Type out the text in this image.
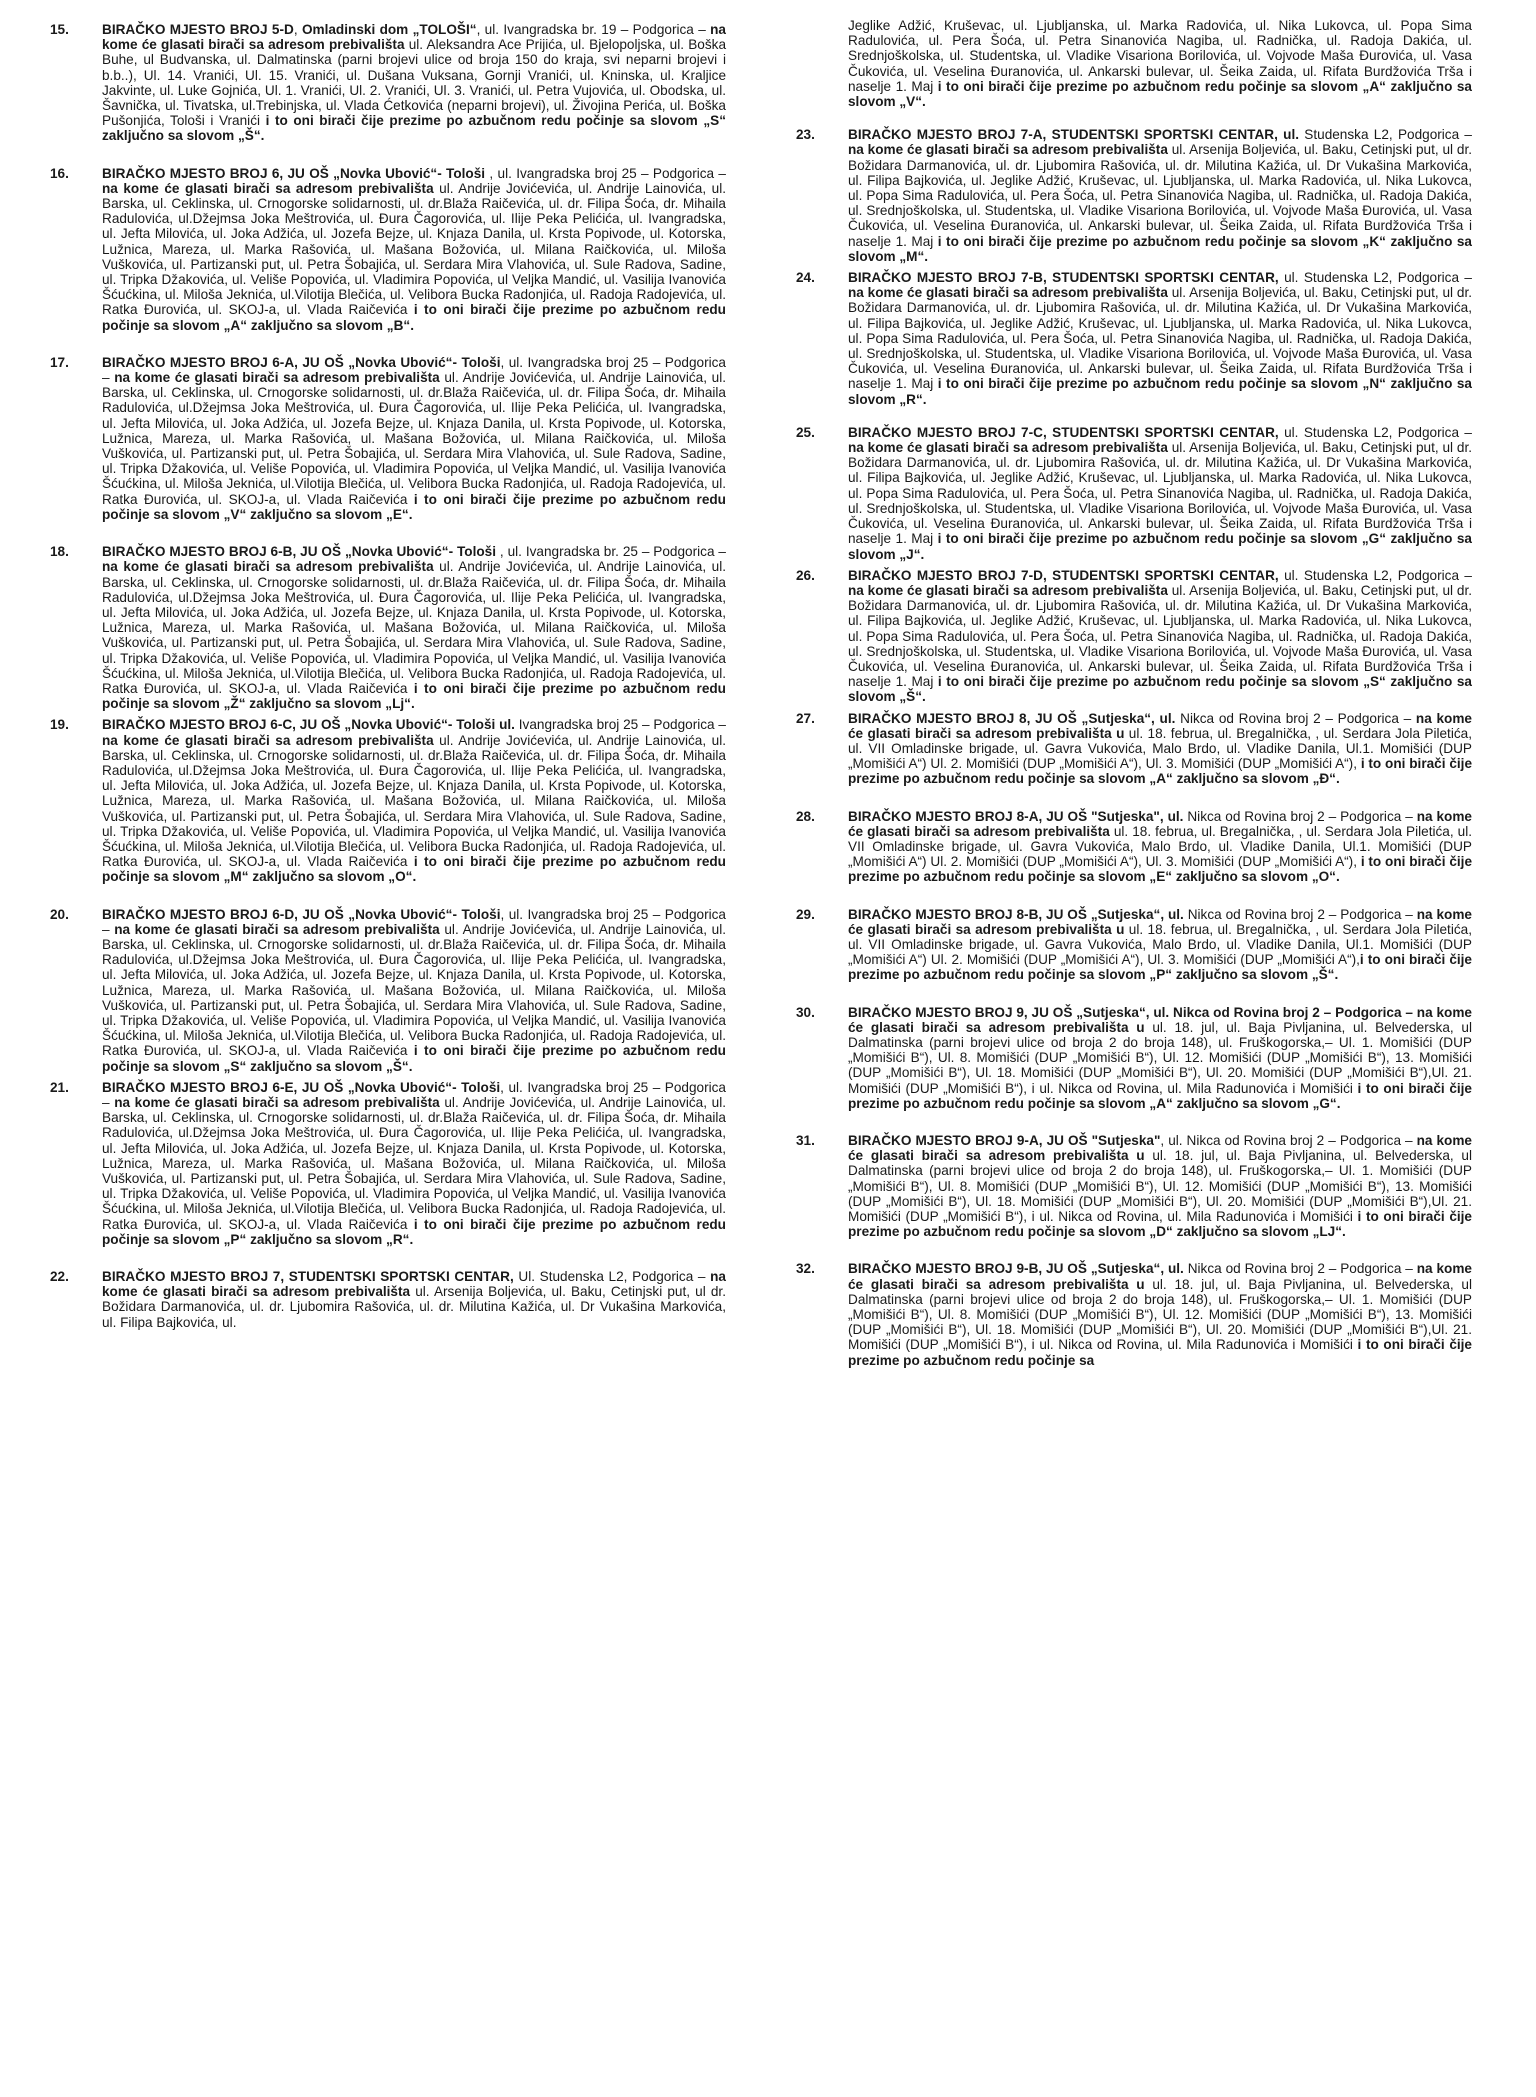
15.	BIRAČKO MJESTO BROJ 5-D, Omladinski dom „TOLOŠI“, ul. Ivangradska br. 19 – Podgorica – na kome će glasati birači sa adresom prebivališta ul. Aleksandra Ace Prijića, ul. Bjelopoljska, ul. Boška Buhe, ul Budvanska, ul. Dalmatinska (parni brojevi ulice od broja 150 do kraja, svi neparni brojevi i b.b..), Ul. 14. Vranići, Ul. 15. Vranići, ul. Dušana Vuksana, Gornji Vranići, ul. Kninska, ul. Kraljice Jakvinte, ul. Luke Gojnića, Ul. 1. Vranići, Ul. 2. Vranići, Ul. 3. Vranići, ul. Petra Vujovića, ul. Obodska, ul. Šavnička, ul. Tivatska, ul.Trebinjska, ul. Vlada Ćetkovića (neparni brojevi), ul. Živojina Perića, ul. Boška Pušonjića, Tološi i Vranići i to oni birači čije prezime po azbučnom redu počinje sa slovom „S“ zaključno sa slovom „Š“.
16.	BIRAČKO MJESTO BROJ 6, JU OŠ „Novka Ubović“- Tološi , ul. Ivangradska broj 25 – Podgorica – na kome će glasati birači sa adresom prebivališta ul. Andrije Jovićevića, ul. Andrije Lainovića, ul. Barska, ul. Ceklinska, ul. Crnogorske solidarnosti, ul. dr.Blaža Raičevića, ul. dr. Filipa Šoća, dr. Mihaila Radulovića, ul.Džejmsa Joka Meštrovića, ul. Đura Čagorovića, ul. Ilije Peka Pelićića, ul. Ivangradska, ul. Jefta Milovića, ul. Joka Adžića, ul. Jozefa Bejze, ul. Knjaza Danila, ul. Krsta Popivode, ul. Kotorska, Lužnica, Mareza, ul. Marka Rašovića, ul. Mašana Božovića, ul. Milana Raičkovića, ul. Miloša Vuškovića, ul. Partizanski put, ul. Petra Šobajića, ul. Serdara Mira Vlahovića, ul. Sule Radova, Sadine, ul. Tripka Džakovića, ul. Veliše Popovića, ul. Vladimira Popovića, ul Veljka Mandić, ul. Vasilija Ivanovića Šćućkina, ul. Miloša Jeknića, ul.Vilotija Blečića, ul. Velibora Bucka Radonjića, ul. Radoja Radojevića, ul. Ratka Đurovića, ul. SKOJ-a, ul. Vlada Raičevića i to oni birači čije prezime po azbučnom redu počinje sa slovom „A“ zaključno sa slovom „B“.
17.	BIRAČKO MJESTO BROJ 6-A, JU OŠ „Novka Ubović“- Tološi, ul. Ivangradska broj 25 – Podgorica – na kome će glasati birači sa adresom prebivališta ul. Andrije Jovićevića, ul. Andrije Lainovića, ul. Barska, ul. Ceklinska, ul. Crnogorske solidarnosti, ul. dr.Blaža Raičevića, ul. dr. Filipa Šoća, dr. Mihaila Radulovića, ul.Džejmsa Joka Meštrovića, ul. Đura Čagorovića, ul. Ilije Peka Pelićića, ul. Ivangradska, ul. Jefta Milovića, ul. Joka Adžića, ul. Jozefa Bejze, ul. Knjaza Danila, ul. Krsta Popivode, ul. Kotorska, Lužnica, Mareza, ul. Marka Rašovića, ul. Mašana Božovića, ul. Milana Raičkovića, ul. Miloša Vuškovića, ul. Partizanski put, ul. Petra Šobajića, ul. Serdara Mira Vlahovića, ul. Sule Radova, Sadine, ul. Tripka Džakovića, ul. Veliše Popovića, ul. Vladimira Popovića, ul Veljka Mandić, ul. Vasilija Ivanovića Šćućkina, ul. Miloša Jeknića, ul.Vilotija Blečića, ul. Velibora Bucka Radonjića, ul. Radoja Radojevića, ul. Ratka Đurovića, ul. SKOJ-a, ul. Vlada Raičevića i to oni birači čije prezime po azbučnom redu počinje sa slovom „V“ zaključno sa slovom „E“.
18.	BIRAČKO MJESTO BROJ 6-B, JU OŠ „Novka Ubović“- Tološi , ul. Ivangradska br. 25 – Podgorica – na kome će glasati birači sa adresom prebivališta ul. Andrije Jovićevića, ul. Andrije Lainovića, ul. Barska, ul. Ceklinska, ul. Crnogorske solidarnosti, ul. dr.Blaža Raičevića, ul. dr. Filipa Šoća, dr. Mihaila Radulovića, ul.Džejmsa Joka Meštrovića, ul. Đura Čagorovića, ul. Ilije Peka Pelićića, ul. Ivangradska, ul. Jefta Milovića, ul. Joka Adžića, ul. Jozefa Bejze, ul. Knjaza Danila, ul. Krsta Popivode, ul. Kotorska, Lužnica, Mareza, ul. Marka Rašovića, ul. Mašana Božovića, ul. Milana Raičkovića, ul. Miloša Vuškovića, ul. Partizanski put, ul. Petra Šobajića, ul. Serdara Mira Vlahovića, ul. Sule Radova, Sadine, ul. Tripka Džakovića, ul. Veliše Popovića, ul. Vladimira Popovića, ul Veljka Mandić, ul. Vasilija Ivanovića Šćućkina, ul. Miloša Jeknića, ul.Vilotija Blečića, ul. Velibora Bucka Radonjića, ul. Radoja Radojevića, ul. Ratka Đurovića, ul. SKOJ-a, ul. Vlada Raičevića i to oni birači čije prezime po azbučnom redu počinje sa slovom „Ž“ zaključno sa slovom „Lj“.
19.	BIRAČKO MJESTO BROJ 6-C, JU OŠ „Novka Ubović“- Tološi ul. Ivangradska broj 25 – Podgorica – na kome će glasati birači sa adresom prebivališta ul. Andrije Jovićevića, ul. Andrije Lainovića, ul. Barska, ul. Ceklinska, ul. Crnogorske solidarnosti, ul. dr.Blaža Raičevića, ul. dr. Filipa Šoća, dr. Mihaila Radulovića, ul.Džejmsa Joka Meštrovića, ul. Đura Čagorovića, ul. Ilije Peka Pelićića, ul. Ivangradska, ul. Jefta Milovića, ul. Joka Adžića, ul. Jozefa Bejze, ul. Knjaza Danila, ul. Krsta Popivode, ul. Kotorska, Lužnica, Mareza, ul. Marka Rašovića, ul. Mašana Božovića, ul. Milana Raičkovića, ul. Miloša Vuškovića, ul. Partizanski put, ul. Petra Šobajića, ul. Serdara Mira Vlahovića, ul. Sule Radova, Sadine, ul. Tripka Džakovića, ul. Veliše Popovića, ul. Vladimira Popovića, ul Veljka Mandić, ul. Vasilija Ivanovića Šćućkina, ul. Miloša Jeknića, ul.Vilotija Blečića, ul. Velibora Bucka Radonjića, ul. Radoja Radojevića, ul. Ratka Đurovića, ul. SKOJ-a, ul. Vlada Raičevića i to oni birači čije prezime po azbučnom redu počinje sa slovom „M“ zaključno sa slovom „O“.
20.	BIRAČKO MJESTO BROJ 6-D, JU OŠ „Novka Ubović“- Tološi, ul. Ivangradska broj 25 – Podgorica – na kome će glasati birači sa adresom prebivališta ul. Andrije Jovićevića, ul. Andrije Lainovića, ul. Barska, ul. Ceklinska, ul. Crnogorske solidarnosti, ul. dr.Blaža Raičevića, ul. dr. Filipa Šoća, dr. Mihaila Radulovića, ul.Džejmsa Joka Meštrovića, ul. Đura Čagorovića, ul. Ilije Peka Pelićića, ul. Ivangradska, ul. Jefta Milovića, ul. Joka Adžića, ul. Jozefa Bejze, ul. Knjaza Danila, ul. Krsta Popivode, ul. Kotorska, Lužnica, Mareza, ul. Marka Rašovića, ul. Mašana Božovića, ul. Milana Raičkovića, ul. Miloša Vuškovića, ul. Partizanski put, ul. Petra Šobajića, ul. Serdara Mira Vlahovića, ul. Sule Radova, Sadine, ul. Tripka Džakovića, ul. Veliše Popovića, ul. Vladimira Popovića, ul Veljka Mandić, ul. Vasilija Ivanovića Šćućkina, ul. Miloša Jeknića, ul.Vilotija Blečića, ul. Velibora Bucka Radonjića, ul. Radoja Radojevića, ul. Ratka Đurovića, ul. SKOJ-a, ul. Vlada Raičevića i to oni birači čije prezime po azbučnom redu počinje sa slovom „S“ zaključno sa slovom „Š“.
21.	BIRAČKO MJESTO BROJ 6-E, JU OŠ „Novka Ubović“- Tološi, ul. Ivangradska broj 25 – Podgorica – na kome će glasati birači sa adresom prebivališta ul. Andrije Jovićevića, ul. Andrije Lainovića, ul. Barska, ul. Ceklinska, ul. Crnogorske solidarnosti, ul. dr.Blaža Raičevića, ul. dr. Filipa Šoća, dr. Mihaila Radulovića, ul.Džejmsa Joka Meštrovića, ul. Đura Čagorovića, ul. Ilije Peka Pelićića, ul. Ivangradska, ul. Jefta Milovića, ul. Joka Adžića, ul. Jozefa Bejze, ul. Knjaza Danila, ul. Krsta Popivode, ul. Kotorska, Lužnica, Mareza, ul. Marka Rašovića, ul. Mašana Božovića, ul. Milana Raičkovića, ul. Miloša Vuškovića, ul. Partizanski put, ul. Petra Šobajića, ul. Serdara Mira Vlahovića, ul. Sule Radova, Sadine, ul. Tripka Džakovića, ul. Veliše Popovića, ul. Vladimira Popovića, ul Veljka Mandić, ul. Vasilija Ivanovića Šćućkina, ul. Miloša Jeknića, ul.Vilotija Blečića, ul. Velibora Bucka Radonjića, ul. Radoja Radojevića, ul. Ratka Đurovića, ul. SKOJ-a, ul. Vlada Raičevića i to oni birači čije prezime po azbučnom redu počinje sa slovom „P“ zaključno sa slovom „R“.
22.	BIRAČKO MJESTO BROJ 7, STUDENTSKI SPORTSKI CENTAR, Ul. Studenska L2, Podgorica – na kome će glasati birači sa adresom prebivališta ul. Arsenija Boljevića, ul. Baku, Cetinjski put, ul dr. Božidara Darmanovića, ul. dr. Ljubomira Rašovića, ul. dr. Milutina Kažića, ul. Dr Vukašina Markovića, ul. Filipa Bajkovića, ul.
Jeglike Adžić, Kruševac, ul. Ljubljanska, ul. Marka Radovića, ul. Nika Lukovca, ul. Popa Sima Radulovića, ul. Pera Šoća, ul. Petra Sinanovića Nagiba, ul. Radnička, ul. Radoja Dakića, ul. Srednjoškolska, ul. Studentska, ul. Vladike Visariona Borilovića, ul. Vojvode Maša Đurovića, ul. Vasa Čukovića, ul. Veselina Đuranovića, ul. Ankarski bulevar, ul. Šeika Zaida, ul. Rifata Burdžovića Trša i naselje 1. Maj i to oni birači čije prezime po azbučnom redu počinje sa slovom „A“ zaključno sa slovom „V“.
23.	BIRAČKO MJESTO BROJ 7-A, STUDENTSKI SPORTSKI CENTAR, ul. Studenska L2, Podgorica – na kome će glasati birači sa adresom prebivališta ul. Arsenija Boljevića, ul. Baku, Cetinjski put, ul dr. Božidara Darmanovića, ul. dr. Ljubomira Rašovića, ul. dr. Milutina Kažića, ul. Dr Vukašina Markovića, ul. Filipa Bajkovića, ul. Jeglike Adžić, Kruševac, ul. Ljubljanska, ul. Marka Radovića, ul. Nika Lukovca, ul. Popa Sima Radulovića, ul. Pera Šoća, ul. Petra Sinanovića Nagiba, ul. Radnička, ul. Radoja Dakića, ul. Srednjoškolska, ul. Studentska, ul. Vladike Visariona Borilovića, ul. Vojvode Maša Đurovića, ul. Vasa Čukovića, ul. Veselina Đuranovića, ul. Ankarski bulevar, ul. Šeika Zaida, ul. Rifata Burdžovića Trša i naselje 1. Maj i to oni birači čije prezime po azbučnom redu počinje sa slovom „K“ zaključno sa slovom „M“.
24.	BIRAČKO MJESTO BROJ 7-B, STUDENTSKI SPORTSKI CENTAR, ul. Studenska L2, Podgorica – na kome će glasati birači sa adresom prebivališta ul. Arsenija Boljevića, ul. Baku, Cetinjski put, ul dr. Božidara Darmanovića, ul. dr. Ljubomira Rašovića, ul. dr. Milutina Kažića, ul. Dr Vukašina Markovića, ul. Filipa Bajkovića, ul. Jeglike Adžić, Kruševac, ul. Ljubljanska, ul. Marka Radovića, ul. Nika Lukovca, ul. Popa Sima Radulovića, ul. Pera Šoća, ul. Petra Sinanovića Nagiba, ul. Radnička, ul. Radoja Dakića, ul. Srednjoškolska, ul. Studentska, ul. Vladike Visariona Borilovića, ul. Vojvode Maša Đurovića, ul. Vasa Čukovića, ul. Veselina Đuranovića, ul. Ankarski bulevar, ul. Šeika Zaida, ul. Rifata Burdžovića Trša i naselje 1. Maj i to oni birači čije prezime po azbučnom redu počinje sa slovom „N“ zaključno sa slovom „R“.
25.	BIRAČKO MJESTO BROJ 7-C, STUDENTSKI SPORTSKI CENTAR, ul. Studenska L2, Podgorica – na kome će glasati birači sa adresom prebivališta ul. Arsenija Boljevića, ul. Baku, Cetinjski put, ul dr. Božidara Darmanovića, ul. dr. Ljubomira Rašovića, ul. dr. Milutina Kažića, ul. Dr Vukašina Markovića, ul. Filipa Bajkovića, ul. Jeglike Adžić, Kruševac, ul. Ljubljanska, ul. Marka Radovića, ul. Nika Lukovca, ul. Popa Sima Radulovića, ul. Pera Šoća, ul. Petra Sinanovića Nagiba, ul. Radnička, ul. Radoja Dakića, ul. Srednjoškolska, ul. Studentska, ul. Vladike Visariona Borilovića, ul. Vojvode Maša Đurovića, ul. Vasa Čukovića, ul. Veselina Đuranovića, ul. Ankarski bulevar, ul. Šeika Zaida, ul. Rifata Burdžovića Trša i naselje 1. Maj i to oni birači čije prezime po azbučnom redu počinje sa slovom „G“ zaključno sa slovom „J“.
26.	BIRAČKO MJESTO BROJ 7-D, STUDENTSKI SPORTSKI CENTAR, ul. Studenska L2, Podgorica – na kome će glasati birači sa adresom prebivališta ul. Arsenija Boljevića, ul. Baku, Cetinjski put, ul dr. Božidara Darmanovića, ul. dr. Ljubomira Rašovića, ul. dr. Milutina Kažića, ul. Dr Vukašina Markovića, ul. Filipa Bajkovića, ul. Jeglike Adžić, Kruševac, ul. Ljubljanska, ul. Marka Radovića, ul. Nika Lukovca, ul. Popa Sima Radulovića, ul. Pera Šoća, ul. Petra Sinanovića Nagiba, ul. Radnička, ul. Radoja Dakića, ul. Srednjoškolska, ul. Studentska, ul. Vladike Visariona Borilovića, ul. Vojvode Maša Đurovića, ul. Vasa Čukovića, ul. Veselina Đuranovića, ul. Ankarski bulevar, ul. Šeika Zaida, ul. Rifata Burdžovića Trša i naselje 1. Maj i to oni birači čije prezime po azbučnom redu počinje sa slovom „S“ zaključno sa slovom „Š“.
27.	BIRAČKO MJESTO BROJ 8, JU OŠ „Sutjeska“, ul. Nikca od Rovina broj 2 – Podgorica – na kome će glasati birači sa adresom prebivališta u ul. 18. februa, ul. Bregalnička, , ul. Serdara Jola Piletića, ul. VII Omladinske brigade, ul. Gavra Vukovića, Malo Brdo, ul. Vladike Danila, Ul.1. Momišići (DUP „Momišići A“) Ul. 2. Momišići (DUP „Momišići A“), Ul. 3. Momišići (DUP „Momišići A“), i to oni birači čije prezime po azbučnom redu počinje sa slovom „A“ zaključno sa slovom „Đ“.
28.	BIRAČKO MJESTO BROJ 8-A, JU OŠ "Sutjeska", ul. Nikca od Rovina broj 2 – Podgorica – na kome će glasati birači sa adresom prebivališta ul. 18. februa, ul. Bregalnička, , ul. Serdara Jola Piletića, ul. VII Omladinske brigade, ul. Gavra Vukovića, Malo Brdo, ul. Vladike Danila, Ul.1. Momišići (DUP „Momišići A“) Ul. 2. Momišići (DUP „Momišići A“), Ul. 3. Momišići (DUP „Momišići A“), i to oni birači čije prezime po azbučnom redu počinje sa slovom „E“ zaključno sa slovom „O“.
29.	BIRAČKO MJESTO BROJ 8-B, JU OŠ „Sutjeska“, ul. Nikca od Rovina broj 2 – Podgorica – na kome će glasati birači sa adresom prebivališta u ul. 18. februa, ul. Bregalnička, , ul. Serdara Jola Piletića, ul. VII Omladinske brigade, ul. Gavra Vukovića, Malo Brdo, ul. Vladike Danila, Ul.1. Momišići (DUP „Momišići A“) Ul. 2. Momišići (DUP „Momišići A“), Ul. 3. Momišići (DUP „Momišići A“),i to oni birači čije prezime po azbučnom redu počinje sa slovom „P“ zaključno sa slovom „Š“.
30.	BIRAČKO MJESTO BROJ 9, JU OŠ „Sutjeska“, ul. Nikca od Rovina broj 2 – Podgorica – na kome će glasati birači sa adresom prebivališta u ul. 18. jul, ul. Baja Pivljanina, ul. Belvederska, ul Dalmatinska (parni brojevi ulice od broja 2 do broja 148), ul. Fruškogorska,– Ul. 1. Momišići (DUP „Momišići B“), Ul. 8. Momišići (DUP „Momišići B“), Ul. 12. Momišići (DUP „Momišići B“), 13. Momišići (DUP „Momišići B“), Ul. 18. Momišići (DUP „Momišići B“), Ul. 20. Momišići (DUP „Momišići B“),Ul. 21. Momišići (DUP „Momišići B“), i ul. Nikca od Rovina, ul. Mila Radunovića i Momišići i to oni birači čije prezime po azbučnom redu počinje sa slovom „A“ zaključno sa slovom „G“.
31.	BIRAČKO MJESTO BROJ 9-A, JU OŠ "Sutjeska", ul. Nikca od Rovina broj 2 – Podgorica – na kome će glasati birači sa adresom prebivališta u ul. 18. jul, ul. Baja Pivljanina, ul. Belvederska, ul Dalmatinska (parni brojevi ulice od broja 2 do broja 148), ul. Fruškogorska,– Ul. 1. Momišići (DUP „Momišići B“), Ul. 8. Momišići (DUP „Momišići B“), Ul. 12. Momišići (DUP „Momišići B“), 13. Momišići (DUP „Momišići B“), Ul. 18. Momišići (DUP „Momišići B“), Ul. 20. Momišići (DUP „Momišići B“),Ul. 21. Momišići (DUP „Momišići B“), i ul. Nikca od Rovina, ul. Mila Radunovića i Momišići i to oni birači čije prezime po azbučnom redu počinje sa slovom „D“ zaključno sa slovom „LJ“.
32.	BIRAČKO MJESTO BROJ 9-B, JU OŠ „Sutjeska“, ul. Nikca od Rovina broj 2 – Podgorica – na kome će glasati birači sa adresom prebivališta u ul. 18. jul, ul. Baja Pivljanina, ul. Belvederska, ul Dalmatinska (parni brojevi ulice od broja 2 do broja 148), ul. Fruškogorska,– Ul. 1. Momišići (DUP „Momišići B“), Ul. 8. Momišići (DUP „Momišići B“), Ul. 12. Momišići (DUP „Momišići B“), 13. Momišići (DUP „Momišići B“), Ul. 18. Momišići (DUP „Momišići B“), Ul. 20. Momišići (DUP „Momišići B“),Ul. 21. Momišići (DUP „Momišići B“), i ul. Nikca od Rovina, ul. Mila Radunovića i Momišići i to oni birači čije prezime po azbučnom redu počinje sa
